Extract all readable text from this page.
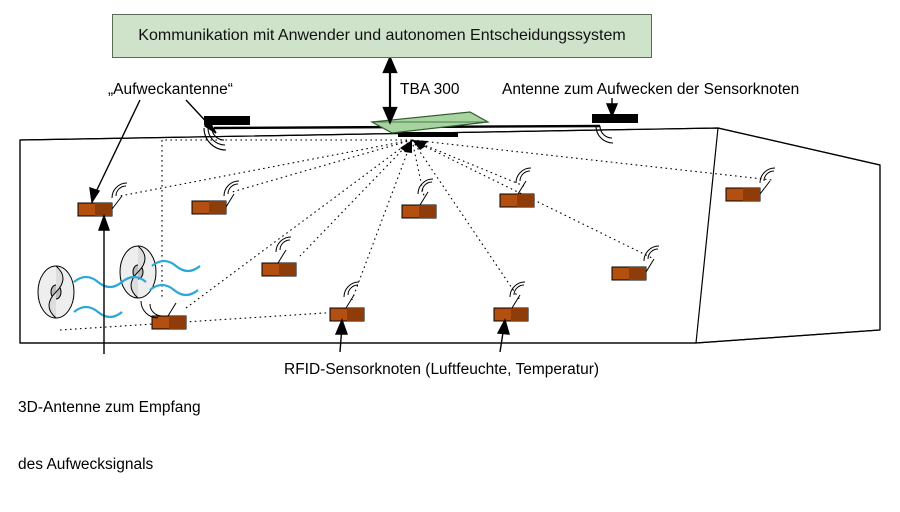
Kommunikation mit Anwender und autonomen Entscheidungssystem
„Aufweckantenne“	TBA 300	Antenne zum Aufwecken der Sensorknoten

3D-Antenne zum Empfang

des Aufwecksignals

RFID-Sensorknoten (Luftfeuchte, Temperatur)
